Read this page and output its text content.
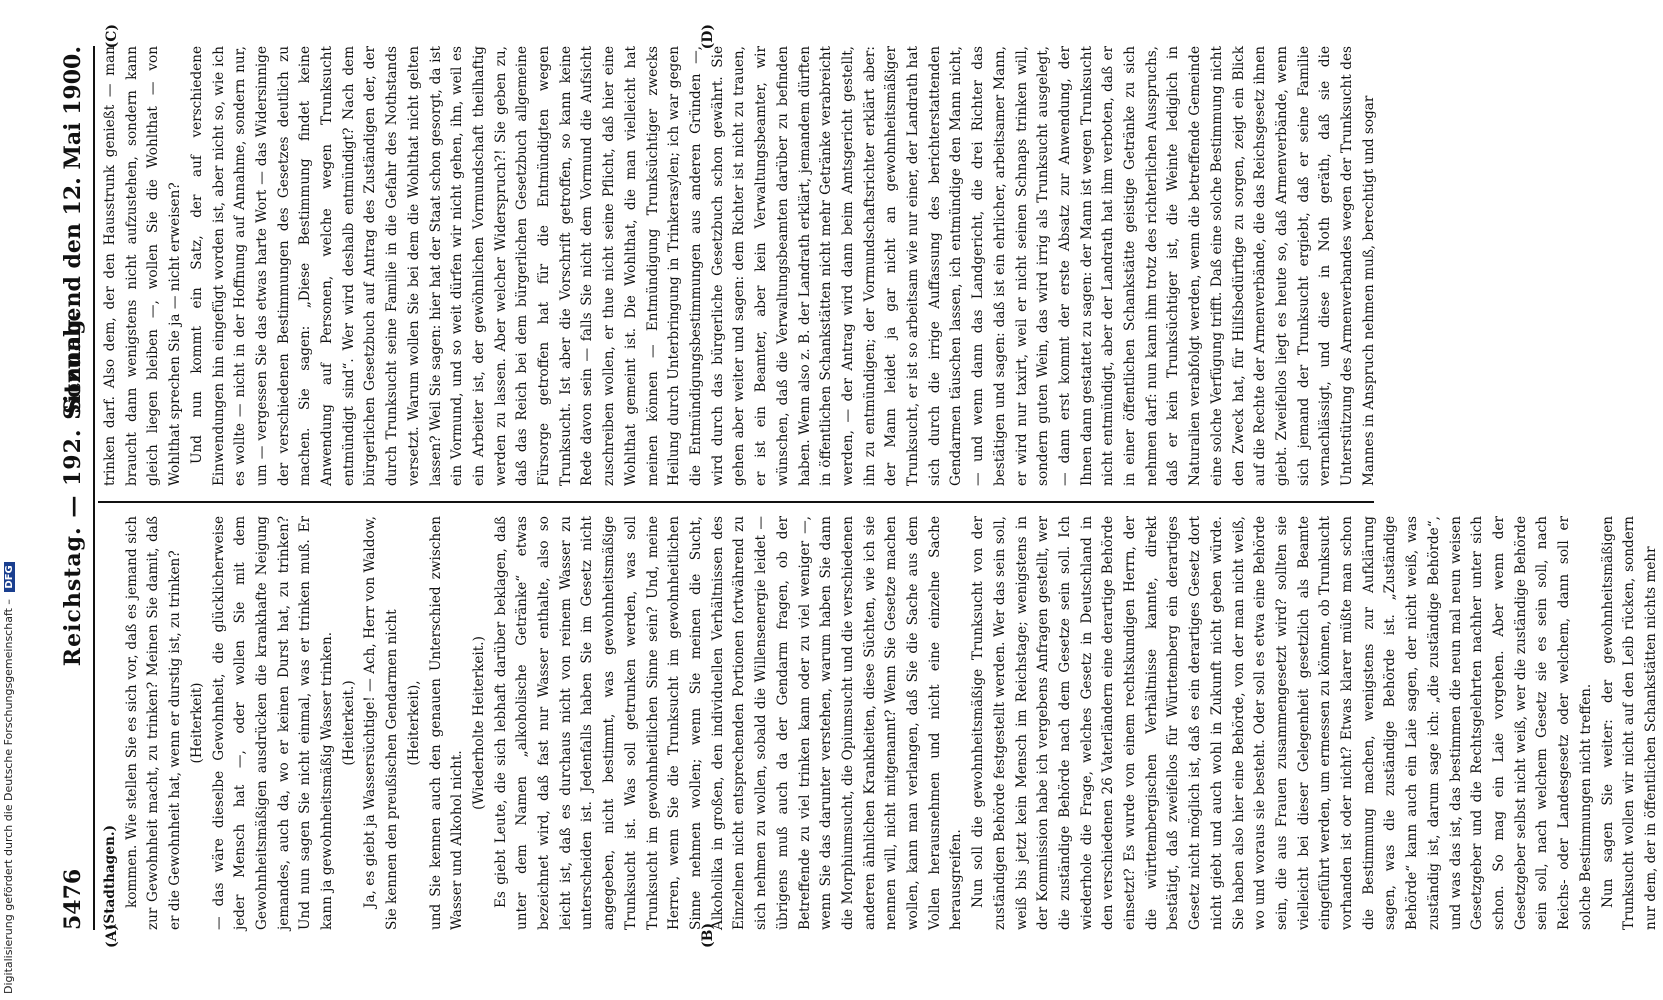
5476
Reichstag. — 192. Sitzung.
Sonnabend den 12. Mai 1900.
(A)	(B)
(C)	(D)

(Stadthagen.) kommen. Wie stellen Sie es sich vor, daß es jemand sich zur Gewohnheit macht, zu trinken? Meinen Sie damit, daß er die Gewohnheit hat, wenn er durstig ist, zu trinken? (Heiterkeit) — das wäre dieselbe Gewohnheit, die glücklicherweise jeder Mensch hat —, oder wollen Sie mit dem Gewohnheitsmäßigen ausdrücken die krankhafte Neigung jemandes, auch da, wo er keinen Durst hat, zu trinken? Und nun sagen Sie nicht einmal, was er trinken muß. Er kann ja gewohnheitsmäßig Wasser trinken. (Heiterkeit.) Ja, es giebt ja Wassersüchtige! — Ach, Herr von Waldow, Sie kennen den preußischen Gendarmen nicht (Heiterkeit), und Sie kennen auch den genauen Unterschied zwischen Wasser und Alkohol nicht.

(Wiederholte Heiterkeit.) Es giebt Leute, die sich lebhaft darüber beklagen, daß unter dem Namen „alkoholische Getränke“ etwas bezeichnet wird, daß fast nur Wasser enthalte, also so leicht ist, daß es durchaus nicht von reinem Wasser zu unterscheiden ist. Jedenfalls haben Sie im Gesetz nicht angegeben, nicht bestimmt, was gewohnheitsmäßige Trunksucht ist. Was soll getrunken werden, was soll Trunksucht im gewohnheitlichen Sinne sein? Und, meine Herren, wenn Sie die Trunksucht im gewohnheitlichen Sinne nehmen wollen; wenn Sie meinen die Sucht, Alkoholika in großen, den individuellen Verhältnissen des Einzelnen nicht entsprechenden Portionen fortwährend zu sich nehmen zu wollen, sobald die Willensenergie leidet — übrigens muß auch da der Gendarm fragen, ob der Betreffende zu viel trinken kann oder zu viel weniger —, wenn Sie das darunter verstehen, warum haben Sie dann die Morphiumsucht, die Opiumsucht und die verschiedenen anderen ähnlichen Krankheiten, diese Süchten, wie ich sie nennen will, nicht mitgenannt? Wenn Sie Gesetze machen wollen, kann man verlangen, daß Sie die Sache aus dem Vollen herausnehmen und nicht eine einzelne Sache herausgreifen. Nun soll die gewohnheitsmäßige Trunksucht von der zuständigen Behörde festgestellt werden. Wer das sein soll, weiß bis jetzt kein Mensch im Reichstage; wenigstens in der Kommission habe ich vergebens Anfragen gestellt, wer die zuständige Behörde nach dem Gesetze sein soll. Ich wiederhole die Frage, welches Gesetz in Deutschland in den verschiedenen 26 Vaterländern eine derartige Behörde einsetzt? Es wurde von einem rechtskundigen Herrn, der die württembergischen Verhältnisse kannte, direkt bestätigt, daß zweifellos für Württemberg ein derartiges Gesetz nicht möglich ist, daß es ein derartiges Gesetz dort nicht giebt und auch wohl in Zukunft nicht geben würde. Sie haben also hier eine Behörde, von der man nicht weiß, wo und woraus sie besteht. Oder soll es etwa eine Behörde sein, die aus Frauen zusammengesetzt wird? sollten sie vielleicht bei dieser Gelegenheit gesetzlich als Beamte eingeführt werden, um ermessen zu können, ob Trunksucht vorhanden ist oder nicht? Etwas klarer müßte man schon die Bestimmung machen, wenigstens zur Aufklärung sagen, was die zuständige Behörde ist. „Zuständige Behörde“ kann auch ein Laie sagen, der nicht weiß, was zuständig ist, darum sage ich: „die zuständige Behörde“, und was das ist, das bestimmen die neun mal neun weisen Gesetzgeber und die Rechtsgelehrten nachher unter sich schon. So mag ein Laie vorgehen. Aber wenn der Gesetzgeber selbst nicht weiß, wer die zuständige Behörde sein soll, nach welchem Gesetz sie es sein soll, nach Reichs- oder Landesgesetz oder welchem, dann soll er solche Bestimmungen nicht treffen. Nun sagen Sie weiter: der gewohnheitsmäßigen Trunksucht wollen wir nicht auf den Leib rücken, sondern nur dem, der in öffentlichen Schankstätten nichts mehr

trinken darf. Also dem, der den Hausstrunk genießt — man braucht dann wenigstens nicht aufzustehen, sondern kann gleich liegen bleiben —, wollen Sie die Wohlthat — von Wohlthat sprechen Sie ja — nicht erweisen? Und nun kommt ein Satz, der auf verschiedene Einwendungen hin eingefügt worden ist, aber nicht so, wie ich es wollte — nicht in der Hoffnung auf Annahme, sondern nur, um — vergessen Sie das etwas harte Wort — das Widersinnige der verschiedenen Bestimmungen des Gesetzes deutlich zu machen. Sie sagen: „Diese Bestimmung findet keine Anwendung auf Personen, welche wegen Trunksucht entmündigt sind“. Wer wird deshalb entmündigt? Nach dem bürgerlichen Gesetzbuch auf Antrag des Zuständigen der, der durch Trunksucht seine Familie in die Gefahr des Nothstands versetzt. Warum wollen Sie bei dem die Wohlthat nicht gelten lassen? Weil Sie sagen: hier hat der Staat schon gesorgt, da ist ein Vormund, und so weit dürfen wir nicht gehen, ihn, weil es ein Arbeiter ist, der gewöhnlichen Vormundschaft theilhaftig werden zu lassen. Aber welcher Widerspruch?! Sie geben zu, daß das Reich bei dem bürgerlichen Gesetzbuch allgemeine Fürsorge getroffen hat für die Entmündigten wegen Trunksucht. Ist aber die Vorschrift getroffen, so kann keine Rede davon sein — falls Sie nicht dem Vormund die Aufsicht zuschreiben wollen, er thue nicht seine Pflicht, daß hier eine Wohlthat gemeint ist. Die Wohlthat, die man vielleicht hat meinen können — Entmündigung Trunksüchtiger zwecks Heilung durch Unterbringung in Trinkerasylen; ich war gegen die Entmündigungsbestimmungen aus anderen Gründen —, wird durch das bürgerliche Gesetzbuch schon gewährt. Sie gehen aber weiter und sagen: dem Richter ist nicht zu trauen, er ist ein Beamter, aber kein Verwaltungsbeamter, wir wünschen, daß die Verwaltungsbeamten darüber zu befinden haben. Wenn also z. B. der Landrath erklärt, jemandem dürften in öffentlichen Schankstätten nicht mehr Getränke verabreicht werden, — der Antrag wird dann beim Amtsgericht gestellt, ihn zu entmündigen; der Vormundschaftsrichter erklärt aber: der Mann leidet ja gar nicht an gewohnheitsmäßiger Trunksucht, er ist so arbeitsam wie nur einer, der Landrath hat sich durch die irrige Auffassung des berichterstattenden Gendarmen täuschen lassen, ich entmündige den Mann nicht, — und wenn dann das Landgericht, die drei Richter das bestätigen und sagen: daß ist ein ehrlicher, arbeitsamer Mann, er wird nur taxirt, weil er nicht seinen Schnaps trinken will, sondern guten Wein, das wird irrig als Trunksucht ausgelegt, — dann erst kommt der erste Absatz zur Anwendung, der Ihnen dann gestattet zu sagen: der Mann ist wegen Trunksucht nicht entmündigt, aber der Landrath hat ihm verboten, daß er in einer öffentlichen Schankstätte geistige Getränke zu sich nehmen darf: nun kann ihm trotz des richterlichen Ausspruchs, daß er kein Trunksüchtiger ist, die Weinte lediglich in Naturalien verabfolgt werden, wenn die betreffende Gemeinde eine solche Verfügung trifft. Daß eine solche Bestimmung nicht den Zweck hat, für Hilfsbedürftige zu sorgen, zeigt ein Blick auf die Rechte der Armenverbände, die das Reichsgesetz ihnen giebt. Zweifellos liegt es heute so, daß Armenverbände, wenn sich jemand der Trunksucht ergiebt, daß er seine Familie vernachlässigt, und diese in Noth geräth, daß sie die Unterstützung des Armenverbandes wegen der Trunksucht des Mannes in Anspruch nehmen muß, berechtigt und sogar

Digitalisierung gefördert durch die Deutsche Forschungsgemeinschaft – DFG
